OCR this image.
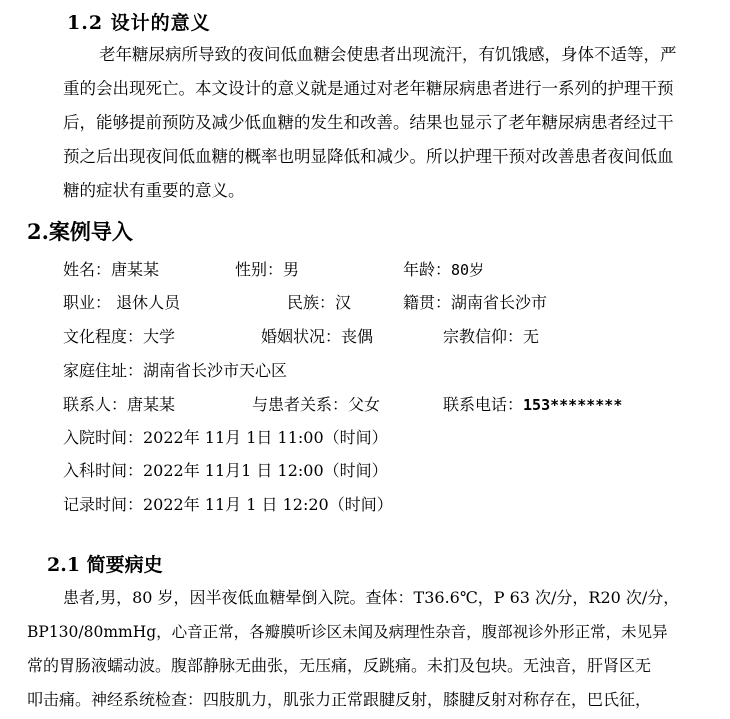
1.2 设计的意义
老年糖尿病所导致的夜间低血糖会使患者出现流汗，有饥饿感，身体不适等，严
重的会出现死亡。本文设计的意义就是通过对老年糖尿病患者进行一系列的护理干预
后，能够提前预防及减少低血糖的发生和改善。结果也显示了老年糖尿病患者经过干
预之后出现夜间低血糖的概率也明显降低和减少。所以护理干预对改善患者夜间低血
糖的症状有重要的意义。
2.案例导入
姓名：唐某某	性别：男	年龄：80岁
职业： 退休人员	民族：汉	籍贯：湖南省长沙市
文化程度：大学	婚姻状况：丧偶	宗教信仰：无
家庭住址：湖南省长沙市天心区
联系人：唐某某	与患者关系：父女	联系电话：153********
入院时间：2022年 11月 1日 11:00（时间）
入科时间：2022年 11月1 日 12:00（时间）
记录时间：2022年 11月 1 日 12:20（时间）
2.1 简要病史
患者,男，80 岁，因半夜低血糖晕倒入院。查体：T36.6℃，P 63 次/分，R20 次/分，
BP130/80mmHg，心音正常，各瓣膜听诊区未闻及病理性杂音，腹部视诊外形正常，未见异
常的胃肠液蠕动波。腹部静脉无曲张，无压痛，反跳痛。未扪及包块。无浊音，肝肾区无
叩击痛。神经系统检查：四肢肌力，肌张力正常跟腱反射，膝腱反射对称存在，巴氏征，
